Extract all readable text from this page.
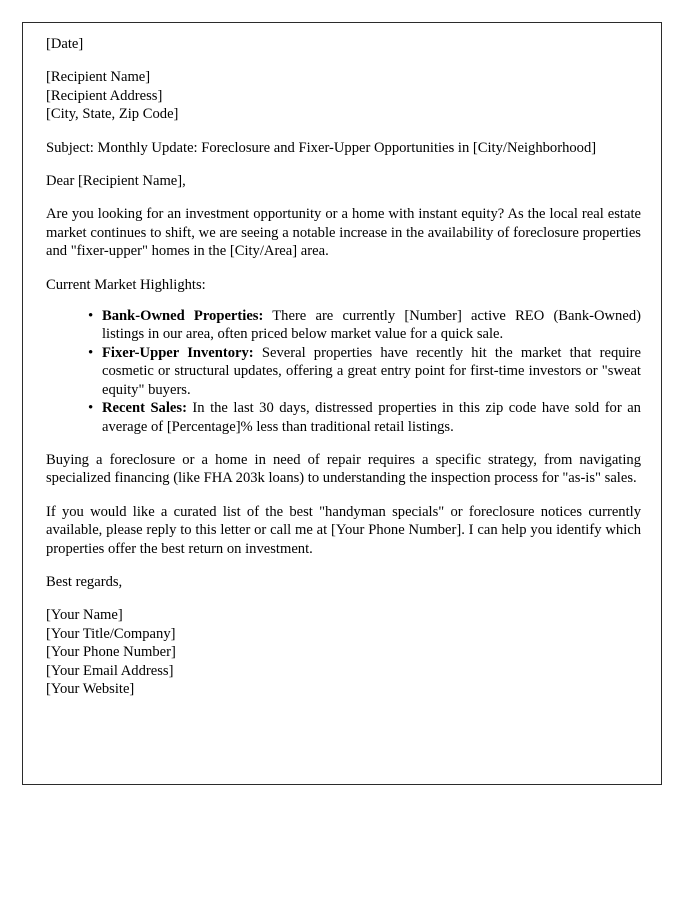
[Date]

[Recipient Name]
[Recipient Address]
[City, State, Zip Code]

Subject: Monthly Update: Foreclosure and Fixer-Upper Opportunities in [City/Neighborhood]

Dear [Recipient Name],

Are you looking for an investment opportunity or a home with instant equity? As the local real estate market continues to shift, we are seeing a notable increase in the availability of foreclosure properties and "fixer-upper" homes in the [City/Area] area.

Current Market Highlights:

• Bank-Owned Properties: There are currently [Number] active REO (Bank-Owned) listings in our area, often priced below market value for a quick sale.
• Fixer-Upper Inventory: Several properties have recently hit the market that require cosmetic or structural updates, offering a great entry point for first-time investors or "sweat equity" buyers.
• Recent Sales: In the last 30 days, distressed properties in this zip code have sold for an average of [Percentage]% less than traditional retail listings.

Buying a foreclosure or a home in need of repair requires a specific strategy, from navigating specialized financing (like FHA 203k loans) to understanding the inspection process for "as-is" sales.

If you would like a curated list of the best "handyman specials" or foreclosure notices currently available, please reply to this letter or call me at [Your Phone Number]. I can help you identify which properties offer the best return on investment.

Best regards,

[Your Name]
[Your Title/Company]
[Your Phone Number]
[Your Email Address]
[Your Website]
